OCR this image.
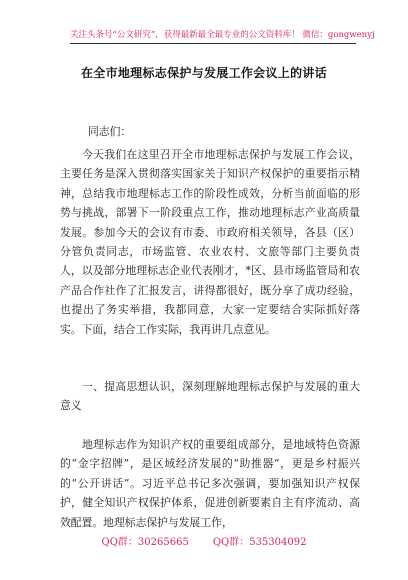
关注头条号“公文研究”，获得最新最全最专业的公文资料库！ 微信：gongwenyj
在全市地理标志保护与发展工作会议上的讲话
同志们：
今天我们在这里召开全市地理标志保护与发展工作会议，主要任务是深入贯彻落实国家关于知识产权保护的重要指示精神，总结我市地理标志工作的阶段性成效，分析当前面临的形势与挑战，部署下一阶段重点工作，推动地理标志产业高质量发展。参加今天的会议有市委、市政府相关领导，各县（区）分管负责同志，市场监管、农业农村、文旅等部门主要负责人，以及部分地理标志企业代表刚才，*区、县市场监管局和农产品合作社作了汇报发言，讲得都很好，既分享了成功经验，也提出了务实举措，我都同意，大家一定要结合实际抓好落实。下面，结合工作实际，我再讲几点意见。
一、提高思想认识，深刻理解地理标志保护与发展的重大意义
地理标志作为知识产权的重要组成部分，是地域特色资源的“金字招牌”，是区域经济发展的“助推器”，更是乡村振兴的“公开讲话”。习近平总书记多次强调，要加强知识产权保护，健全知识产权保护体系，促进创新要素自主有序流动、高效配置。地理标志保护与发展工作，
QQ群：30265665 QQ群：535304092
